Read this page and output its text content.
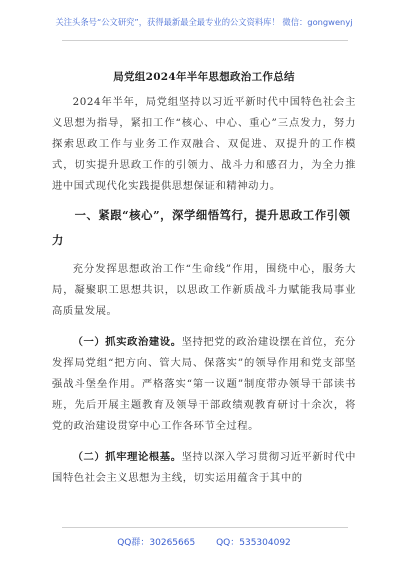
关注头条号“公文研究”，获得最新最全最专业的公文资料库！ 微信：gongwenyj
局党组2024年半年思想政治工作总结

2024年半年，局党组坚持以习近平新时代中国特色社会主义思想为指导，紧扣工作“核心、中心、重心”三点发力，努力探索思政工作与业务工作双融合、双促进、双提升的工作模式，切实提升思政工作的引领力、战斗力和感召力，为全力推进中国式现代化实践提供思想保证和精神动力。

一、紧跟“核心”，深学细悟笃行，提升思政工作引领力

充分发挥思想政治工作“生命线”作用，围绕中心，服务大局，凝聚职工思想共识，以思政工作新质战斗力赋能我局事业高质量发展。

（一）抓实政治建设。坚持把党的政治建设摆在首位，充分发挥局党组“把方向、管大局、保落实”的领导作用和党支部坚强战斗堡垒作用。严格落实“第一议题”制度带办领导干部读书班，先后开展主题教育及领导干部政绩观教育研讨十余次，将党的政治建设贯穿中心工作各环节全过程。

（二）抓牢理论根基。坚持以深入学习贯彻习近平新时代中国特色社会主义思想为主线，切实运用蕴含于其中的

QQ群：30265665 QQ：535304092
